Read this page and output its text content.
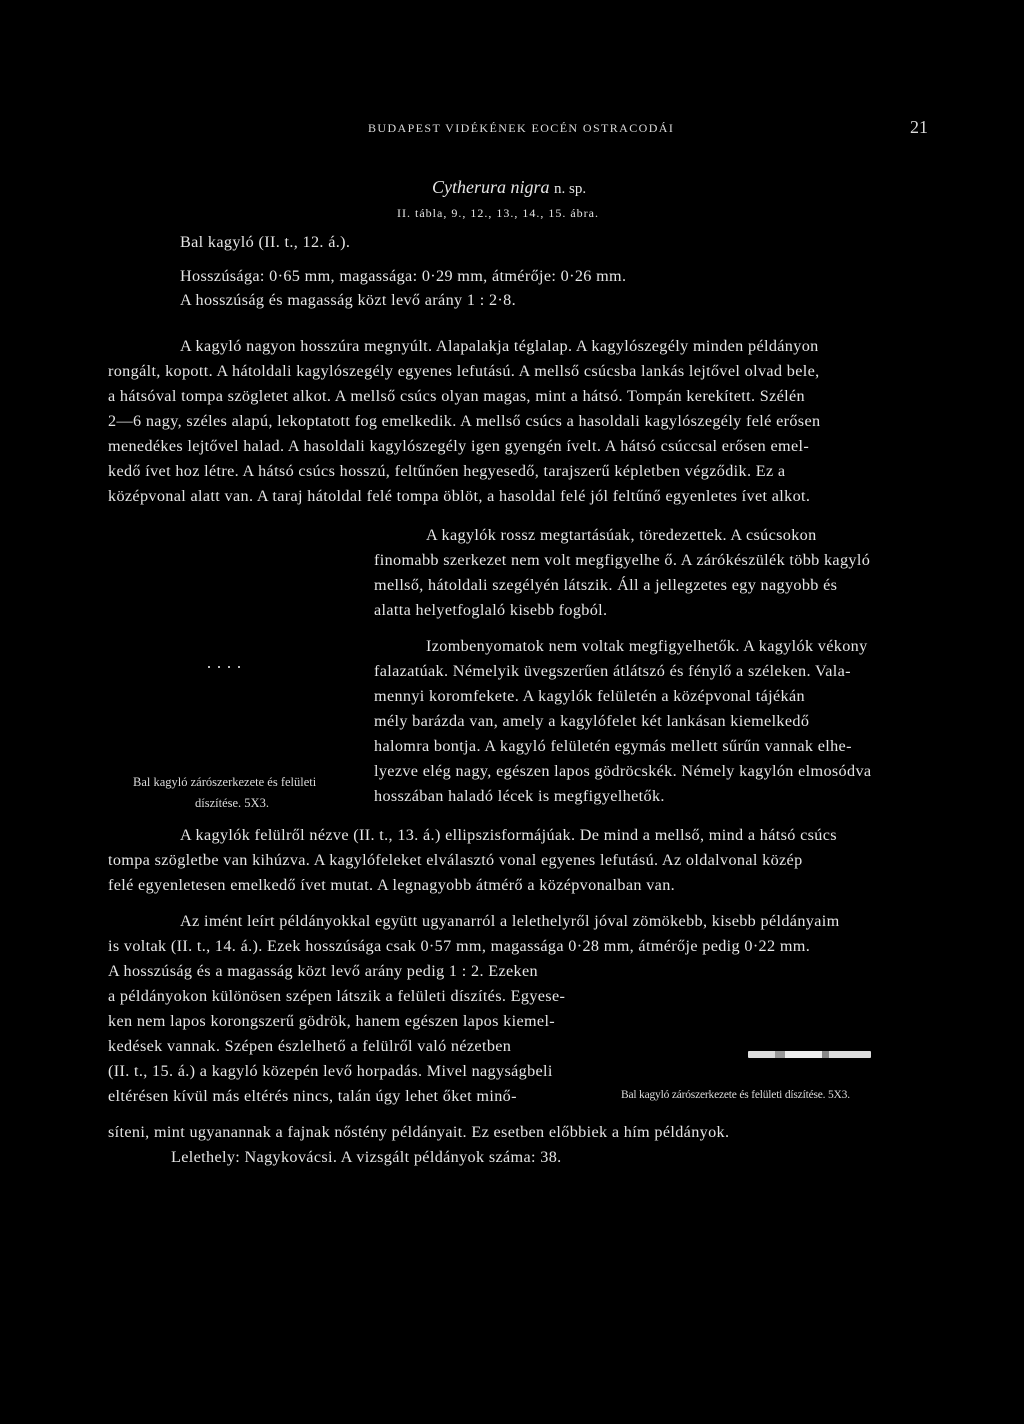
BUDAPEST VIDÉKÉNEK EOCÉN OSTRACODÁI	21
Cytherura nigra n. sp.
II. tábla, 9., 12., 13., 14., 15. ábra.
Bal kagyló (II. t., 12. á.).
Hosszúsága: 0·65 mm, magassága: 0·29 mm, átmérője: 0·26 mm.
A hosszúság és magasság közt levő arány 1 : 2·8.
A kagyló nagyon hosszúra megnyúlt. Alapalakja téglalap. A kagylószegély minden példányon
rongált, kopott. A hátoldali kagylószegély egyenes lefutású. A mellső csúcsba lankás lejtővel olvad bele,
a hátsóval tompa szögletet alkot. A mellső csúcs olyan magas, mint a hátsó. Tompán kerekített. Szélén
2—6 nagy, széles alapú, lekoptatott fog emelkedik. A mellső csúcs a hasoldali kagylószegély felé erősen
menedékes lejtővel halad. A hasoldali kagylószegély igen gyengén ívelt. A hátsó csúccsal erősen emel-
kedő ívet hoz létre. A hátsó csúcs hosszú, feltűnően hegyesedő, tarajszerű képletben végződik. Ez a
középvonal alatt van. A taraj hátoldal felé tompa öblöt, a hasoldal felé jól feltűnő egyenletes ívet alkot.
A kagylók rossz megtartásúak, töredezettek. A csúcsokon
finomabb szerkezet nem volt megfigyelhe ő. A zárókészülék több kagyló
mellső, hátoldali szegélyén látszik. Áll a jellegzetes egy nagyobb és
alatta helyetfoglaló kisebb fogból.
Izombenyomatok nem voltak megfigyelhetők. A kagylók vékony
falazatúak. Némelyik üvegszerűen átlátszó és fénylő a széleken. Vala-
mennyi koromfekete. A kagylók felületén a középvonal tájékán
mély barázda van, amely a kagylófelet két lankásan kiemelkedő
halomra bontja. A kagyló felületén egymás mellett sűrűn vannak elhe-
lyezve elég nagy, egészen lapos gödröcskék. Némely kagylón elmosódva
hosszában haladó lécek is megfigyelhetők.
Bal kagyló zárószerkezete és felületi
díszítése. 5X3.
A kagylók felülről nézve (II. t., 13. á.) ellipszisformájúak. De mind a mellső, mind a hátsó csúcs
tompa szögletbe van kihúzva. A kagylófeleket elválasztó vonal egyenes lefutású. Az oldalvonal közép
felé egyenletesen emelkedő ívet mutat. A legnagyobb átmérő a középvonalban van.
Az imént leírt példányokkal együtt ugyanarról a lelethelyről jóval zömökebb, kisebb példányaim
is voltak (II. t., 14. á.). Ezek hosszúsága csak 0·57 mm, magassága 0·28 mm, átmérője pedig 0·22 mm.
A hosszúság és a magasság közt levő arány pedig 1 : 2. Ezeken
a példányokon különösen szépen látszik a felületi díszítés. Egyese-
ken nem lapos korongszerű gödrök, hanem egészen lapos kiemel-
kedések vannak. Szépen észlelhető a felülről való nézetben
(II. t., 15. á.) a kagyló közepén levő horpadás. Mivel nagyságbeli
eltérésen kívül más eltérés nincs, talán úgy lehet őket minő-
síteni, mint ugyanannak a fajnak nőstény példányait. Ez esetben előbbiek a hím példányok.
Bal kagyló zárószerkezete és felületi díszítése. 5X3.
Lelethely: Nagykovácsi. A vizsgált példányok száma: 38.
